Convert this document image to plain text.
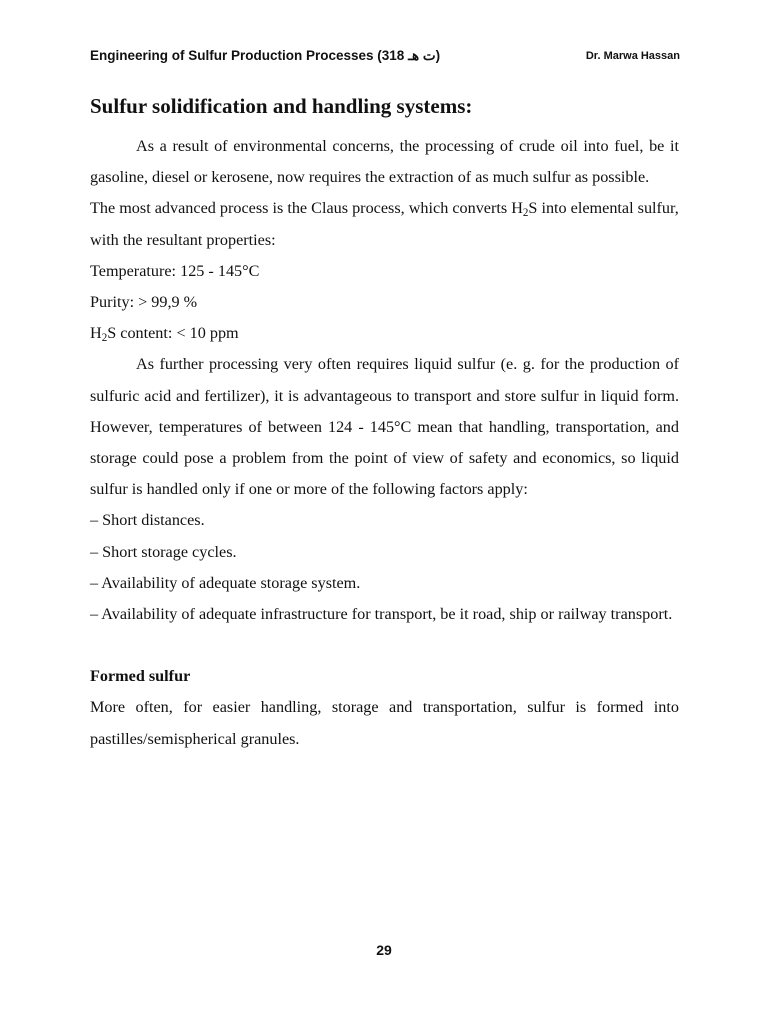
Engineering of Sulfur Production Processes (318 ت هـ)	Dr. Marwa Hassan
Sulfur solidification and handling systems:

As a result of environmental concerns, the processing of crude oil into fuel, be it gasoline, diesel or kerosene, now requires the extraction of as much sulfur as possible.

The most advanced process is the Claus process, which converts $H_2S$ into elemental sulfur, with the resultant properties:

Temperature: 125 - 145°C

Purity: > 99,9 %

$H_2S$ content: < 10 ppm

As further processing very often requires liquid sulfur (e. g. for the production of sulfuric acid and fertilizer), it is advantageous to transport and store sulfur in liquid form. However, temperatures of between 124 - 145°C mean that handling, transportation, and storage could pose a problem from the point of view of safety and economics, so liquid sulfur is handled only if one or more of the following factors apply:

– Short distances.

– Short storage cycles.

– Availability of adequate storage system.

– Availability of adequate infrastructure for transport, be it road, ship or railway transport.

Formed sulfur

More often, for easier handling, storage and transportation, sulfur is formed into pastilles/semispherical granules.

29
